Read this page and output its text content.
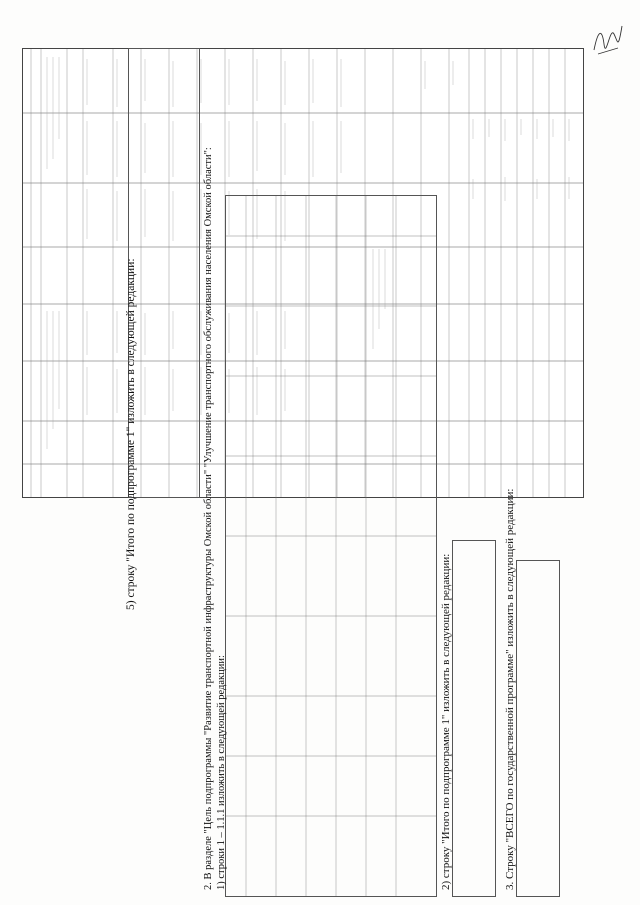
5) строку "Итого по подпрограмме 1" изложить в следующей редакции:	2. В разделе "Цель подпрограммы "Развитие транспортной инфраструктуры Омской области" "Улучшение транспортного обслуживания населения Омской области": 1) строки 1 – 1.1.1 изложить в следующей редакции:	2) строку "Итого по подпрограмме 1" изложить в следующей редакции:	3. Строку "ВСЕГО по государственной программе" изложить в следующей редакции:
